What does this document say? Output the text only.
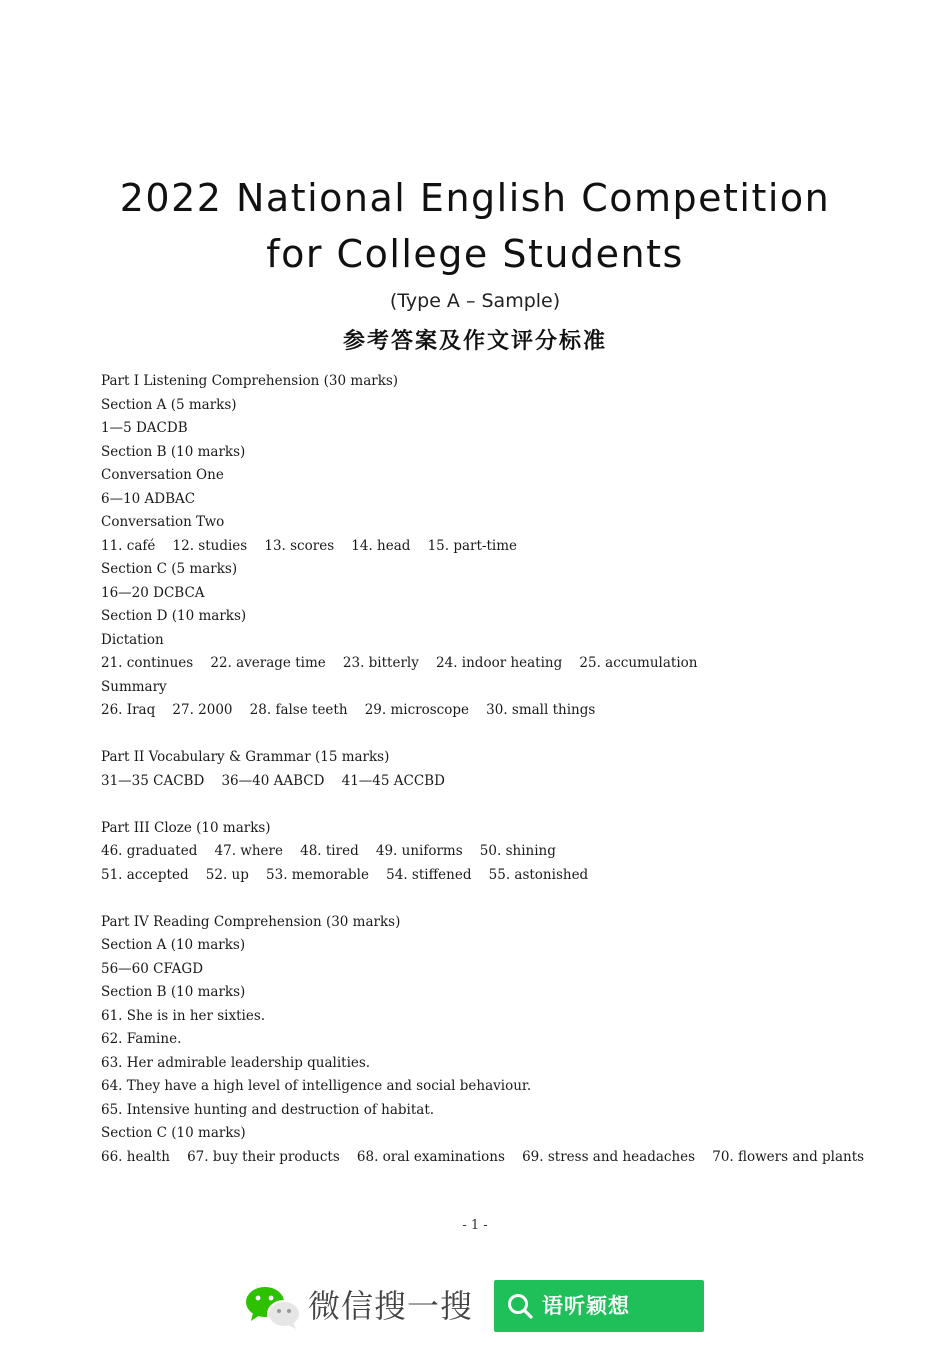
2022 National English Competition
for College Students
(Type A – Sample)
参考答案及作文评分标准
Part I Listening Comprehension (30 marks)
Section A (5 marks)
1—5 DACDB
Section B (10 marks)
Conversation One
6—10 ADBAC
Conversation Two
11. café    12. studies    13. scores    14. head    15. part-time
Section C (5 marks)
16—20 DCBCA
Section D (10 marks)
Dictation
21. continues    22. average time    23. bitterly    24. indoor heating    25. accumulation
Summary
26. Iraq    27. 2000    28. false teeth    29. microscope    30. small things
Part II Vocabulary & Grammar (15 marks)
31—35 CACBD    36—40 AABCD    41—45 ACCBD
Part III Cloze (10 marks)
46. graduated    47. where    48. tired    49. uniforms    50. shining
51. accepted    52. up    53. memorable    54. stiffened    55. astonished
Part IV Reading Comprehension (30 marks)
Section A (10 marks)
56—60 CFAGD
Section B (10 marks)
61. She is in her sixties.
62. Famine.
63. Her admirable leadership qualities.
64. They have a high level of intelligence and social behaviour.
65. Intensive hunting and destruction of habitat.
Section C (10 marks)
66. health    67. buy their products    68. oral examinations    69. stress and headaches    70. flowers and plants
- 1 -
微信搜一搜	语听颖想
